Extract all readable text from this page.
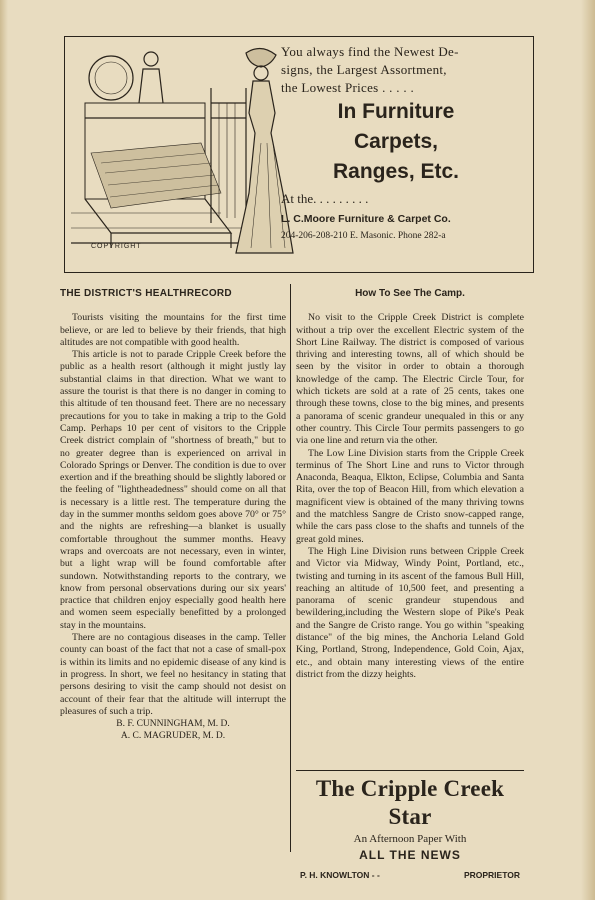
COPYRIGHT
You always find the Newest De-
signs, the Largest Assortment,
the Lowest Prices . . . . .
In Furniture
Carpets,
Ranges, Etc.
At the. . . . . . . . .
L. C.Moore Furniture & Carpet Co.
204-206-208-210 E. Masonic. Phone 282-a
THE DISTRICT'S HEALTHRECORD

Tourists visiting the mountains for the first time believe, or are led to believe by their friends, that high altitudes are not compatible with good health.

This article is not to parade Cripple Creek before the public as a health resort (although it might justly lay substantial claims in that direction. What we want to assure the tourist is that there is no danger in coming to this altitude of ten thousand feet. There are no necessary precautions for you to take in making a trip to the Gold Camp. Perhaps 10 per cent of visitors to the Cripple Creek district complain of "shortness of breath," but to no greater degree than is experienced on arrival in Colorado Springs or Denver. The condition is due to over exertion and if the breathing should be slightly labored or the feeling of "lightheadedness" should come on all that is necessary is a little rest. The temperature during the day in the summer months seldom goes above 70° or 75° and the nights are refreshing—a blanket is usually comfortable throughout the summer months. Heavy wraps and overcoats are not necessary, even in winter, but a light wrap will be found comfortable after sundown. Notwithstanding reports to the contrary, we know from personal observations during our six years' practice that children enjoy especially good health here and women seem especially benefitted by a prolonged stay in the mountains.

There are no contagious diseases in the camp. Teller county can boast of the fact that not a case of small-pox is within its limits and no epidemic disease of any kind is in progress. In short, we feel no hesitancy in stating that persons desiring to visit the camp should not desist on account of their fear that the altitude will interrupt the pleasures of such a trip.

B. F. CUNNINGHAM, M. D.
A. C. MAGRUDER, M. D.
How To See The Camp.

No visit to the Cripple Creek District is complete without a trip over the excellent Electric system of the Short Line Railway. The district is composed of various thriving and interesting towns, all of which should be seen by the visitor in order to obtain a thorough knowledge of the camp. The Electric Circle Tour, for which tickets are sold at a rate of 25 cents, takes one through these towns, close to the big mines, and presents a panorama of scenic grandeur unequaled in this or any other country. This Circle Tour permits passengers to go via one line and return via the other.

The Low Line Division starts from the Cripple Creek terminus of The Short Line and runs to Victor through Anaconda, Beaqua, Elkton, Eclipse, Columbia and Santa Rita, over the top of Beacon Hill, from which elevation a magnificent view is obtained of the many thriving towns and the matchless Sangre de Cristo snow-capped range, while the cars pass close to the shafts and tunnels of the great gold mines.

The High Line Division runs between Cripple Creek and Victor via Midway, Windy Point, Portland, etc., twisting and turning in its ascent of the famous Bull Hill, reaching an altitude of 10,500 feet, and presenting a panorama of scenic grandeur stupendous and bewildering,including the Western slope of Pike's Peak and the Sangre de Cristo range. You go within "speaking distance" of the big mines, the Anchoria Leland Gold King, Portland, Strong, Independence, Gold Coin, Ajax, etc., and obtain many interesting views of the entire district from the dizzy heights.

The Cripple Creek Star
An Afternoon Paper With
ALL THE NEWS
P. H. KNOWLTON - -	PROPRIETOR
